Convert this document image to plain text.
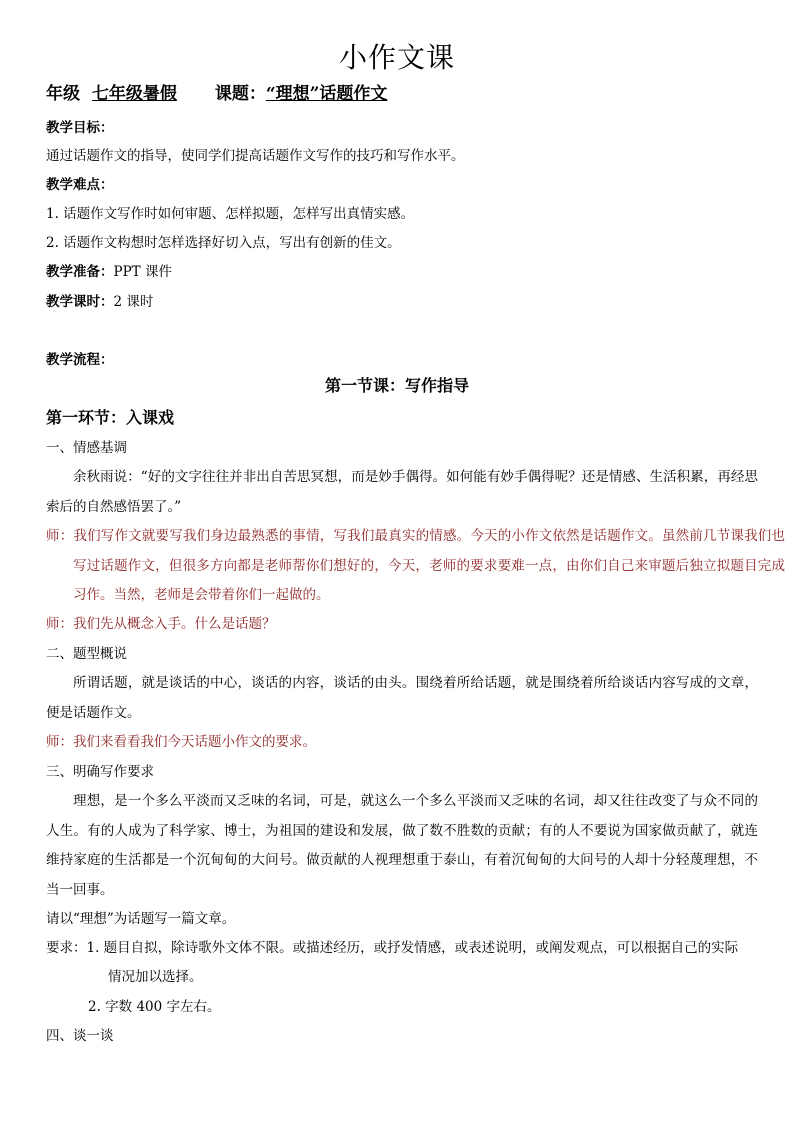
小作文课
年级 七年级暑假 课题：“理想”话题作文
教学目标：
通过话题作文的指导，使同学们提高话题作文写作的技巧和写作水平。
教学难点：
1. 话题作文写作时如何审题、怎样拟题，怎样写出真情实感。
2. 话题作文构想时怎样选择好切入点，写出有创新的佳文。
教学准备：PPT 课件
教学课时：2 课时
教学流程：
第一节课：写作指导
第一环节：入课戏
一、情感基调
余秋雨说：“好的文字往往并非出自苦思冥想，而是妙手偶得。如何能有妙手偶得呢？还是情感、生活积累，再经思索后的自然感悟罢了。”
师：我们写作文就要写我们身边最熟悉的事情，写我们最真实的情感。今天的小作文依然是话题作文。虽然前几节课我们也写过话题作文，但很多方向都是老师帮你们想好的，今天，老师的要求要难一点，由你们自己来审题后独立拟题目完成习作。当然，老师是会带着你们一起做的。
师：我们先从概念入手。什么是话题？
二、题型概说
所谓话题，就是谈话的中心，谈话的内容，谈话的由头。围绕着所给话题，就是围绕着所给谈话内容写成的文章，便是话题作文。
师：我们来看看我们今天话题小作文的要求。
三、明确写作要求
理想，是一个多么平淡而又乏味的名词，可是，就这么一个多么平淡而又乏味的名词，却又往往改变了与众不同的人生。有的人成为了科学家、博士，为祖国的建设和发展，做了数不胜数的贡献；有的人不要说为国家做贡献了，就连维持家庭的生活都是一个沉甸甸的大问号。做贡献的人视理想重于泰山，有着沉甸甸的大问号的人却十分轻蔑理想，不当一回事。
请以“理想”为话题写一篇文章。
要求：1. 题目自拟，除诗歌外文体不限。或描述经历，或抒发情感，或表述说明，或阐发观点，可以根据自己的实际
情况加以选择。
2. 字数 400 字左右。
四、谈一谈
